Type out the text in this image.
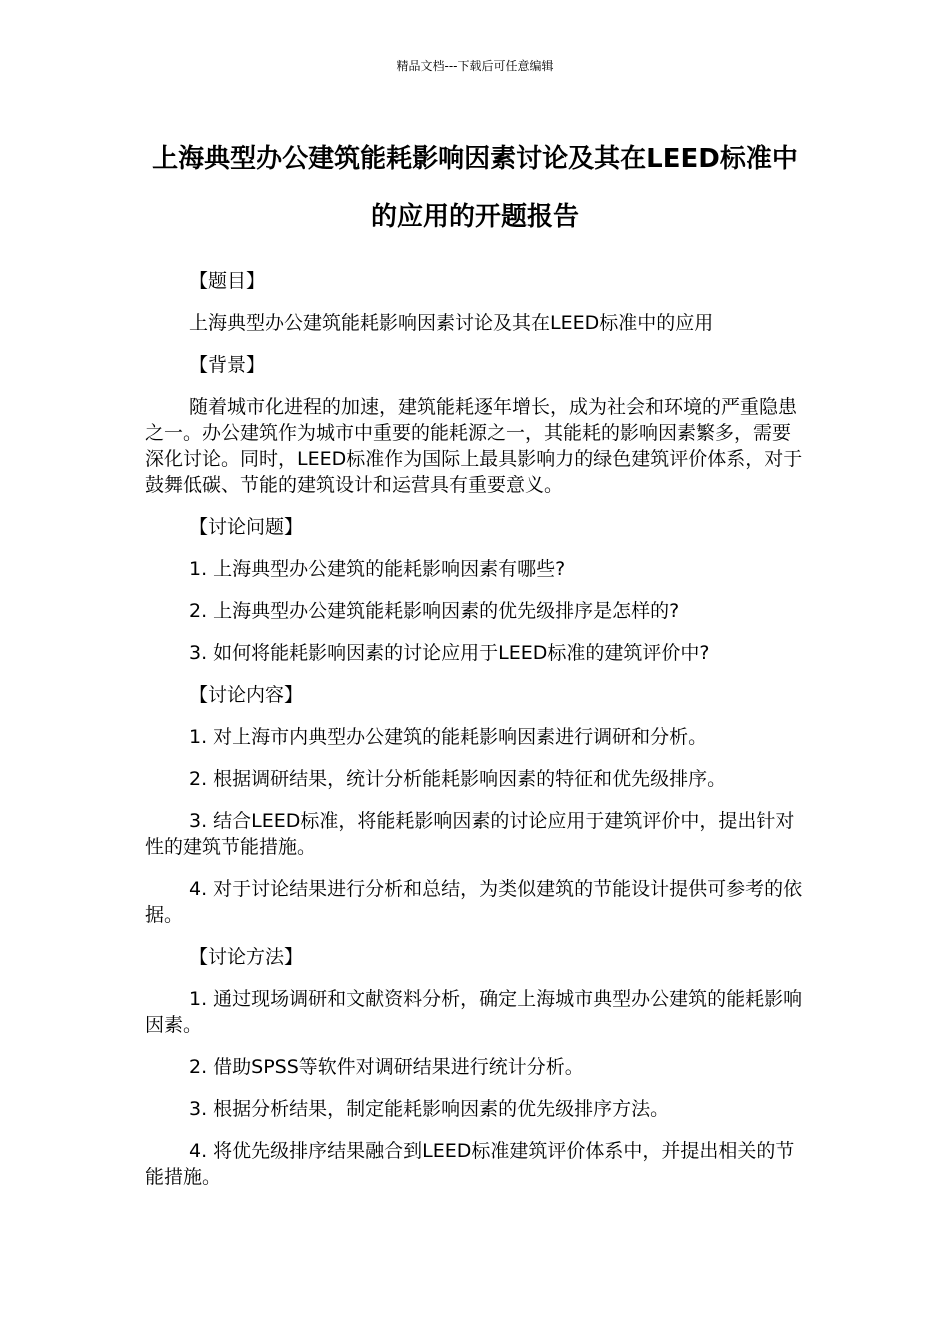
精品文档---下载后可任意编辑
上海典型办公建筑能耗影响因素讨论及其在LEED标准中的应用的开题报告

【题目】

上海典型办公建筑能耗影响因素讨论及其在LEED标准中的应用

【背景】

随着城市化进程的加速，建筑能耗逐年增长，成为社会和环境的严重隐患之一。办公建筑作为城市中重要的能耗源之一，其能耗的影响因素繁多，需要深化讨论。同时，LEED标准作为国际上最具影响力的绿色建筑评价体系，对于鼓舞低碳、节能的建筑设计和运营具有重要意义。

【讨论问题】

1. 上海典型办公建筑的能耗影响因素有哪些?

2. 上海典型办公建筑能耗影响因素的优先级排序是怎样的?

3. 如何将能耗影响因素的讨论应用于LEED标准的建筑评价中?

【讨论内容】

1. 对上海市内典型办公建筑的能耗影响因素进行调研和分析。

2. 根据调研结果，统计分析能耗影响因素的特征和优先级排序。

3. 结合LEED标准，将能耗影响因素的讨论应用于建筑评价中，提出针对性的建筑节能措施。

4. 对于讨论结果进行分析和总结，为类似建筑的节能设计提供可参考的依据。

【讨论方法】

1. 通过现场调研和文献资料分析，确定上海城市典型办公建筑的能耗影响因素。

2. 借助SPSS等软件对调研结果进行统计分析。

3. 根据分析结果，制定能耗影响因素的优先级排序方法。

4. 将优先级排序结果融合到LEED标准建筑评价体系中，并提出相关的节能措施。
